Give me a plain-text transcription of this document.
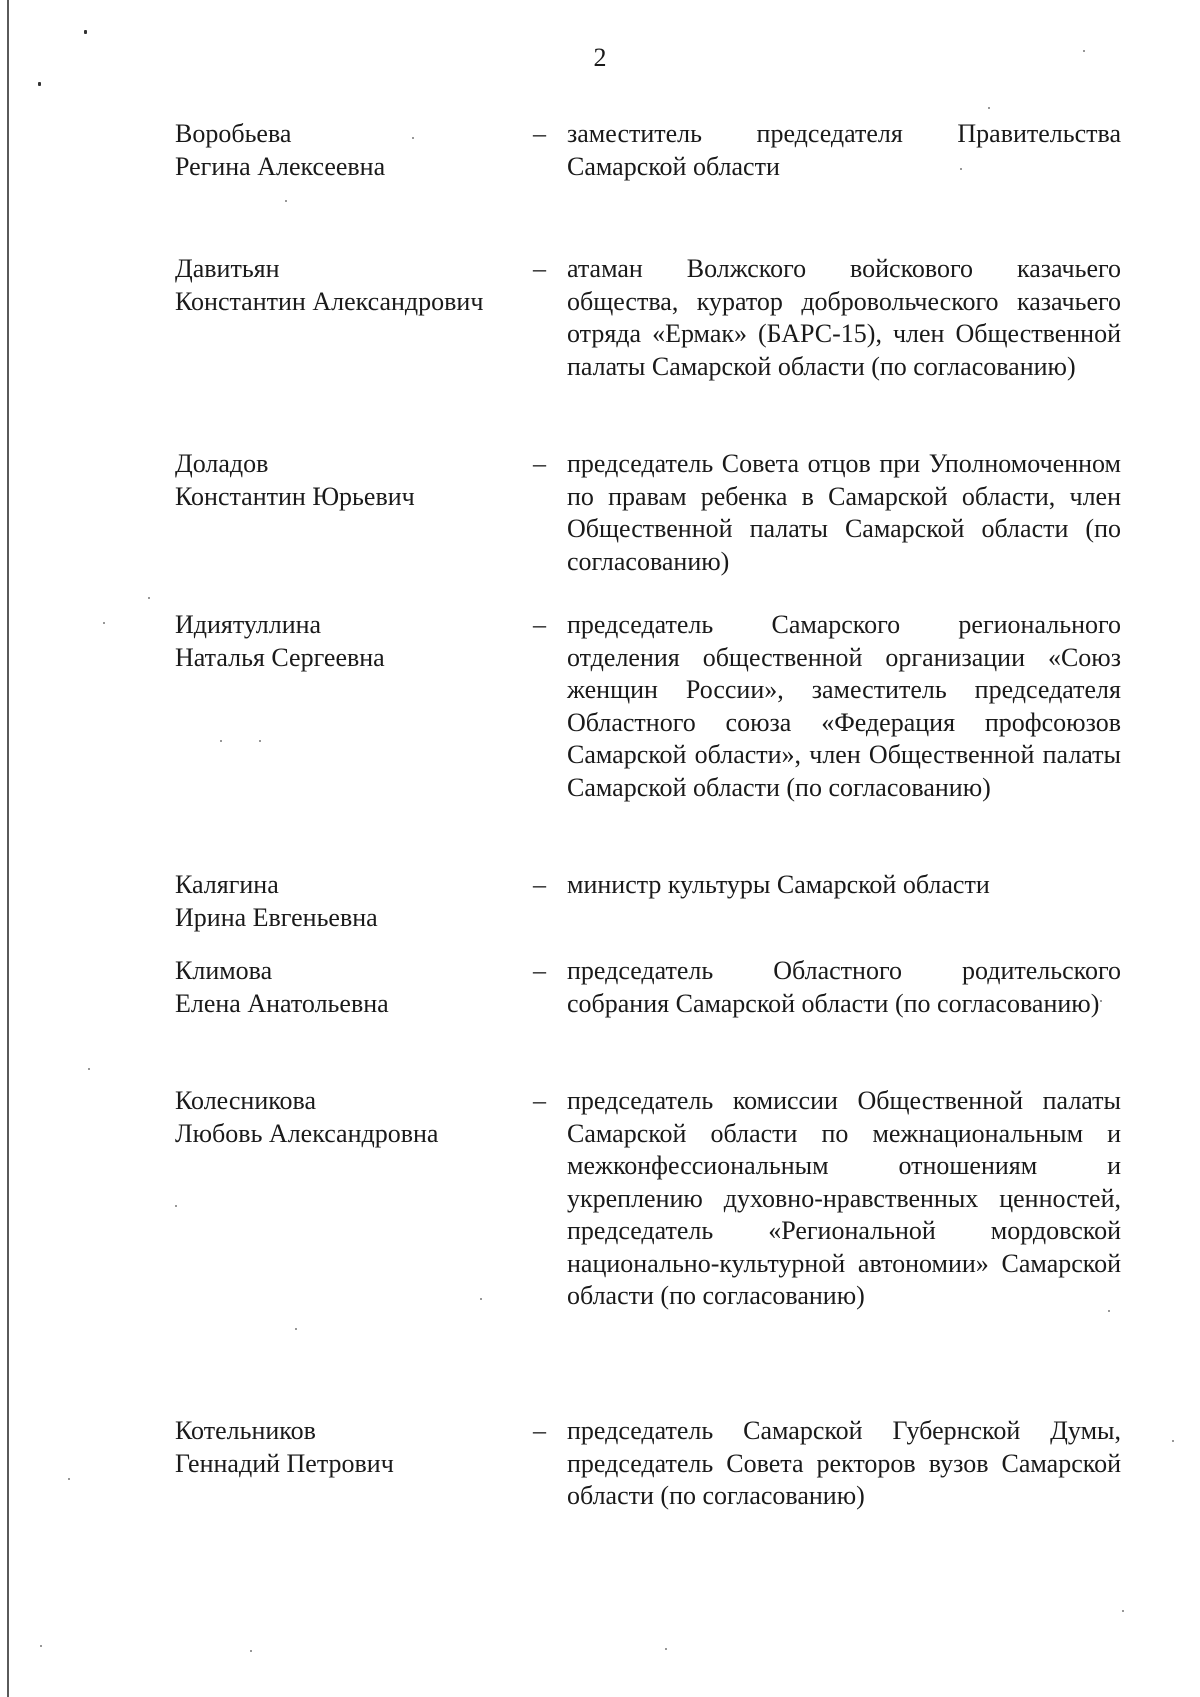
2
Воробьева
Регина Алексеевна
– заместитель председателя Правительства Самарской области
Давитьян
Константин Александрович
– атаман Волжского войскового казачьего общества, куратор добровольческого казачьего отряда «Ермак» (БАРС-15), член Общественной палаты Самарской области (по согласованию)
Доладов
Константин Юрьевич
– председатель Совета отцов при Уполномоченном по правам ребенка в Самарской области, член Общественной палаты Самарской области (по согласованию)
Идиятуллина
Наталья Сергеевна
– председатель Самарского регионального отделения общественной организации «Союз женщин России», заместитель председателя Областного союза «Федерация профсоюзов Самарской области», член Общественной палаты Самарской области (по согласованию)
Калягина
Ирина Евгеньевна
– министр культуры Самарской области
Климова
Елена Анатольевна
– председатель Областного родительского собрания Самарской области (по согласованию)
Колесникова
Любовь Александровна
– председатель комиссии Общественной палаты Самарской области по межнациональным и межконфессиональным отношениям и укреплению духовно-нравственных ценностей, председатель «Региональной мордовской национально-культурной автономии» Самарской области (по согласованию)
Котельников
Геннадий Петрович
– председатель Самарской Губернской Думы, председатель Совета ректоров вузов Самарской области (по согласованию)
